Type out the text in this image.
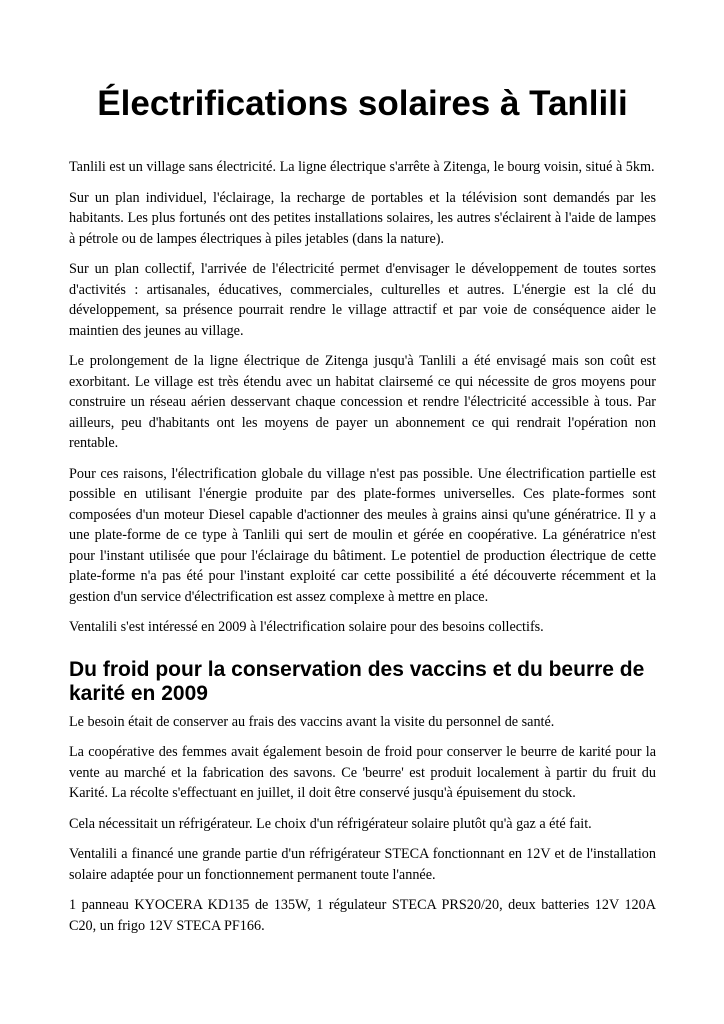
Électrifications solaires à Tanlili

Tanlili est un village sans électricité. La ligne électrique s'arrête à Zitenga, le bourg voisin, situé à 5km.

Sur un plan individuel, l'éclairage, la recharge de portables et la télévision sont demandés par les habitants. Les plus fortunés ont des petites installations solaires, les autres s'éclairent à l'aide de lampes à pétrole ou de lampes électriques à piles jetables (dans la nature).

Sur un plan collectif, l'arrivée de l'électricité permet d'envisager le développement de toutes sortes d'activités : artisanales, éducatives, commerciales, culturelles et autres. L'énergie est la clé du développement, sa présence pourrait rendre le village attractif et par voie de conséquence aider le maintien des jeunes au village.

Le prolongement de la ligne électrique de Zitenga jusqu'à Tanlili a été envisagé mais son coût est exorbitant. Le village est très étendu avec un habitat clairsemé ce qui nécessite de gros moyens pour construire un réseau aérien desservant chaque concession et rendre l'électricité accessible à tous. Par ailleurs, peu d'habitants ont les moyens de payer un abonnement ce qui rendrait l'opération non rentable.

Pour ces raisons, l'électrification globale du village n'est pas possible. Une électrification partielle est possible en utilisant l'énergie produite par des plate-formes universelles. Ces plate-formes sont composées d'un moteur Diesel capable d'actionner des meules à grains ainsi qu'une génératrice. Il y a une plate-forme de ce type à Tanlili qui sert de moulin et gérée en coopérative. La génératrice n'est pour l'instant utilisée que pour l'éclairage du bâtiment. Le potentiel de production électrique de cette plate-forme n'a pas été pour l'instant exploité car cette possibilité a été découverte récemment et la gestion d'un service d'électrification est assez complexe à mettre en place.

Ventalili s'est intéressé en 2009 à l'électrification solaire pour des besoins collectifs.

Du froid pour la conservation des vaccins et du beurre de karité en 2009

Le besoin était de conserver au frais des vaccins avant la visite du personnel de santé.

La coopérative des femmes avait également besoin de froid pour conserver le beurre de karité pour la vente au marché et la fabrication des savons. Ce 'beurre' est produit localement à partir du fruit du Karité. La récolte s'effectuant en juillet, il doit être conservé jusqu'à épuisement du stock.

Cela nécessitait un réfrigérateur. Le choix d'un réfrigérateur solaire plutôt qu'à gaz a été fait.

Ventalili a financé une grande partie d'un réfrigérateur STECA fonctionnant en 12V et de l'installation solaire adaptée pour un fonctionnement permanent toute l'année.

1 panneau KYOCERA KD135 de 135W, 1 régulateur STECA PRS20/20, deux batteries 12V 120A C20, un frigo 12V STECA PF166.
